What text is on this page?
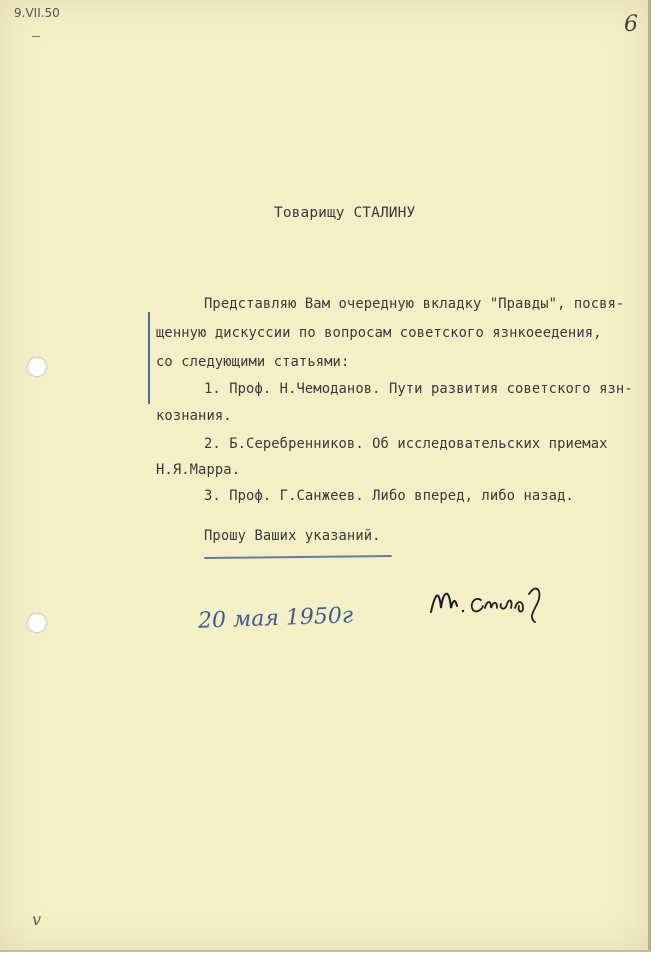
9.VII.50	6
v
Товарищу СТАЛИНУ
Представляю Вам очередную вкладку "Правды", посвя-
щенную дискуссии по вопросам советского язнкоеедения,
со следующими статьями:
1. Проф. Н.Чемоданов. Пути развития советского язн-
кознания.
2. Б.Серебренников. Об исследовательских приемах
Н.Я.Марра.
3. Проф. Г.Санжеев. Либо вперед, либо назад.
Прошу Ваших указаний.
20 мая 1950г
